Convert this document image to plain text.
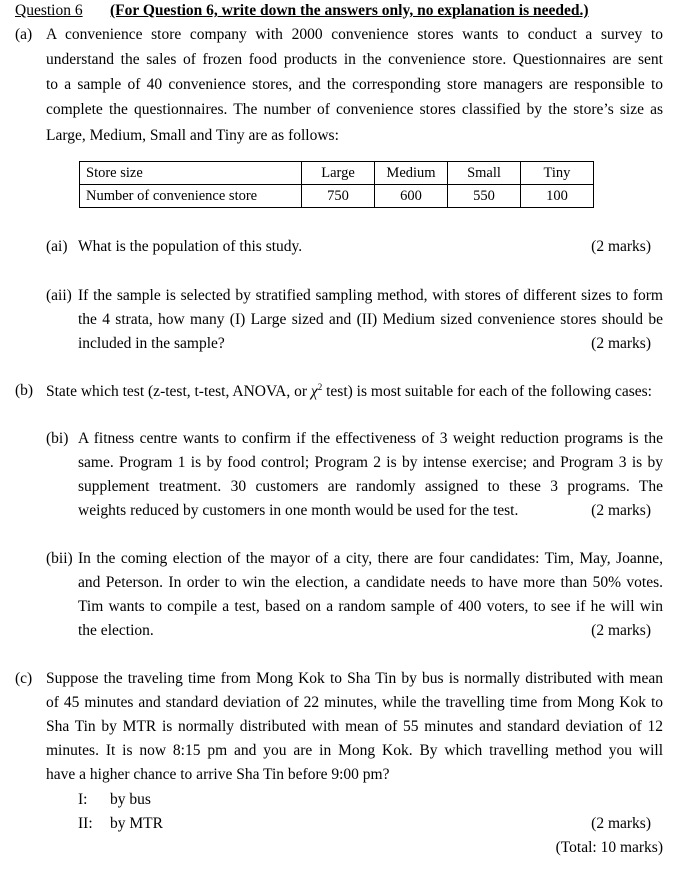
Question 6 (For Question 6, write down the answers only, no explanation is needed.)
(a) A convenience store company with 2000 convenience stores wants to conduct a survey to
understand the sales of frozen food products in the convenience store. Questionnaires are sent
to a sample of 40 convenience stores, and the corresponding store managers are responsible to
complete the questionnaires. The number of convenience stores classified by the store’s size as
Large, Medium, Small and Tiny are as follows:
Store size	Large	Medium	Small	Tiny
Number of convenience store	750	600	550	100
(ai) What is the population of this study.	(2 marks)
(aii) If the sample is selected by stratified sampling method, with stores of different sizes to form
the 4 strata, how many (I) Large sized and (II) Medium sized convenience stores should be
included in the sample?	(2 marks)
(b) State which test (z-test, t-test, ANOVA, or $\chi^2$ test) is most suitable for each of the following cases:
(bi) A fitness centre wants to confirm if the effectiveness of 3 weight reduction programs is the
same. Program 1 is by food control; Program 2 is by intense exercise; and Program 3 is by
supplement treatment. 30 customers are randomly assigned to these 3 programs. The
weights reduced by customers in one month would be used for the test.	(2 marks)
(bii) In the coming election of the mayor of a city, there are four candidates: Tim, May, Joanne,
and Peterson. In order to win the election, a candidate needs to have more than 50% votes.
Tim wants to compile a test, based on a random sample of 400 voters, to see if he will win
the election.	(2 marks)
(c) Suppose the traveling time from Mong Kok to Sha Tin by bus is normally distributed with mean
of 45 minutes and standard deviation of 22 minutes, while the travelling time from Mong Kok to
Sha Tin by MTR is normally distributed with mean of 55 minutes and standard deviation of 12
minutes. It is now 8:15 pm and you are in Mong Kok. By which travelling method you will
have a higher chance to arrive Sha Tin before 9:00 pm?
I: by bus
II: by MTR	(2 marks)
(Total: 10 marks)
